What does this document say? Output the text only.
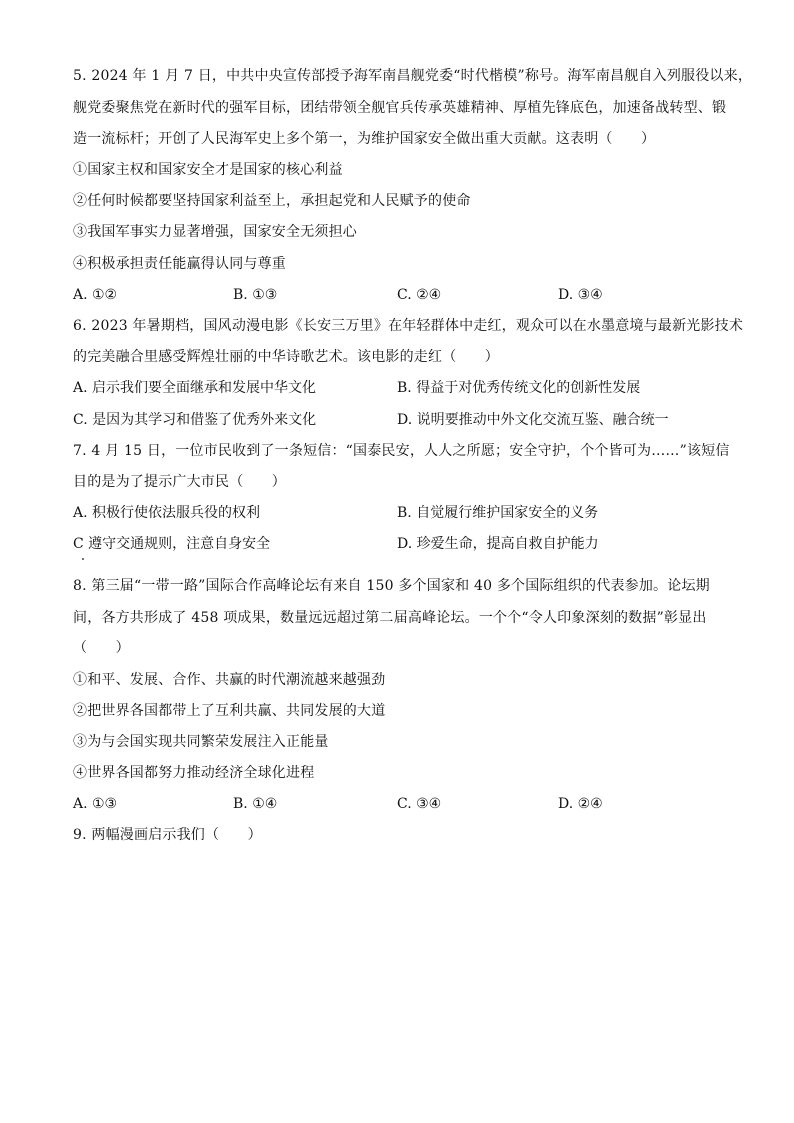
5. 2024 年 1 月 7 日，中共中央宣传部授予海军南昌舰党委“时代楷模”称号。海军南昌舰自入列服役以来，
舰党委聚焦党在新时代的强军目标，团结带领全舰官兵传承英雄精神、厚植先锋底色，加速备战转型、锻
造一流标杆；开创了人民海军史上多个第一，为维护国家安全做出重大贡献。这表明（　　）
①国家主权和国家安全才是国家的核心利益
②任何时候都要坚持国家利益至上，承担起党和人民赋予的使命
③我国军事实力显著增强，国家安全无须担心
④积极承担责任能赢得认同与尊重
A. ①②	B. ①③	C. ②④	D. ③④
6. 2023 年暑期档，国风动漫电影《长安三万里》在年轻群体中走红，观众可以在水墨意境与最新光影技术
的完美融合里感受辉煌壮丽的中华诗歌艺术。该电影的走红（　　）
A. 启示我们要全面继承和发展中华文化	B. 得益于对优秀传统文化的创新性发展
C. 是因为其学习和借鉴了优秀外来文化	D. 说明要推动中外文化交流互鉴、融合统一
7. 4 月 15 日，一位市民收到了一条短信：“国泰民安，人人之所愿；安全守护，个个皆可为……”该短信
目的是为了提示广大市民（　　）
A. 积极行使依法服兵役的权利	B. 自觉履行维护国家安全的义务
C 遵守交通规则，注意自身安全	D. 珍爱生命，提高自救自护能力
8. 第三届“一带一路”国际合作高峰论坛有来自 150 多个国家和 40 多个国际组织的代表参加。论坛期
间，各方共形成了 458 项成果，数量远远超过第二届高峰论坛。一个个“令人印象深刻的数据”彰显出
（　　）
①和平、发展、合作、共赢的时代潮流越来越强劲
②把世界各国都带上了互利共赢、共同发展的大道
③为与会国实现共同繁荣发展注入正能量
④世界各国都努力推动经济全球化进程
A. ①③	B. ①④	C. ③④	D. ②④
9. 两幅漫画启示我们（　　）
